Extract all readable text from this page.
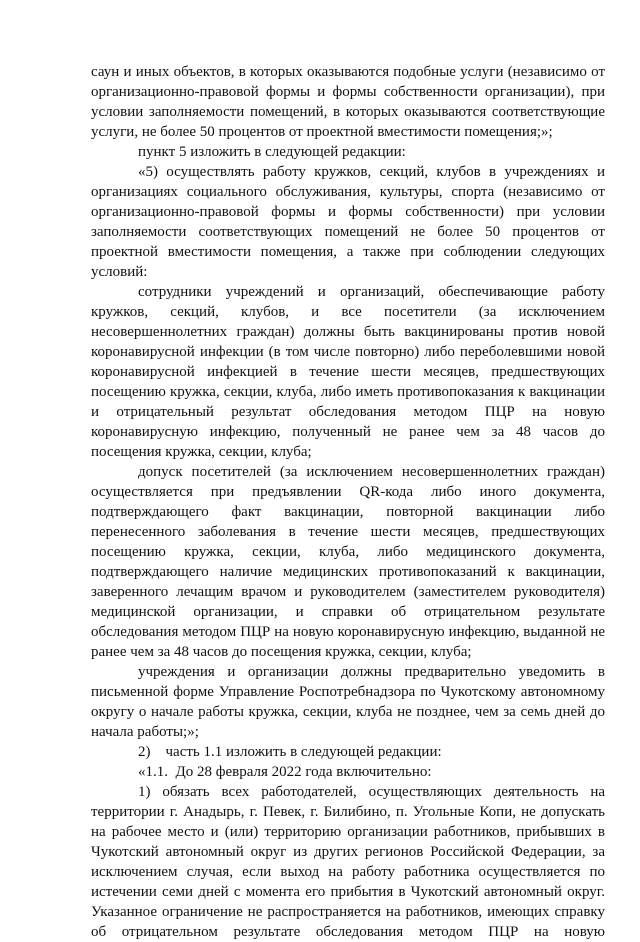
саун и иных объектов, в которых оказываются подобные услуги (независимо от организационно-правовой формы и формы собственности организации), при условии заполняемости помещений, в которых оказываются соответствующие услуги, не более 50 процентов от проектной вместимости помещения;»;

пункт 5 изложить в следующей редакции:

«5) осуществлять работу кружков, секций, клубов в учреждениях и организациях социального обслуживания, культуры, спорта (независимо от организационно-правовой формы и формы собственности) при условии заполняемости соответствующих помещений не более 50 процентов от проектной вместимости помещения, а также при соблюдении следующих условий:

сотрудники учреждений и организаций, обеспечивающие работу кружков, секций, клубов, и все посетители (за исключением несовершеннолетних граждан) должны быть вакцинированы против новой коронавирусной инфекции (в том числе повторно) либо переболевшими новой коронавирусной инфекцией в течение шести месяцев, предшествующих посещению кружка, секции, клуба, либо иметь противопоказания к вакцинации и отрицательный результат обследования методом ПЦР на новую коронавирусную инфекцию, полученный не ранее чем за 48 часов до посещения кружка, секции, клуба;

допуск посетителей (за исключением несовершеннолетних граждан) осуществляется при предъявлении QR-кода либо иного документа, подтверждающего факт вакцинации, повторной вакцинации либо перенесенного заболевания в течение шести месяцев, предшествующих посещению кружка, секции, клуба, либо медицинского документа, подтверждающего наличие медицинских противопоказаний к вакцинации, заверенного лечащим врачом и руководителем (заместителем руководителя) медицинской организации, и справки об отрицательном результате обследования методом ПЦР на новую коронавирусную инфекцию, выданной не ранее чем за 48 часов до посещения кружка, секции, клуба;

учреждения и организации должны предварительно уведомить в письменной форме Управление Роспотребнадзора по Чукотскому автономному округу о начале работы кружка, секции, клуба не позднее, чем за семь дней до начала работы;»;

2)    часть 1.1 изложить в следующей редакции:

«1.1.  До 28 февраля 2022 года включительно:

1) обязать всех работодателей, осуществляющих деятельность на территории г. Анадырь, г. Певек, г. Билибино, п. Угольные Копи, не допускать на рабочее место и (или) территорию организации работников, прибывших в Чукотский автономный округ из других регионов Российской Федерации, за исключением случая, если выход на работу работника осуществляется по истечении семи дней с момента его прибытия в Чукотский автономный округ. Указанное ограничение не распространяется на работников, имеющих справку об отрицательном результате обследования методом ПЦР на новую
